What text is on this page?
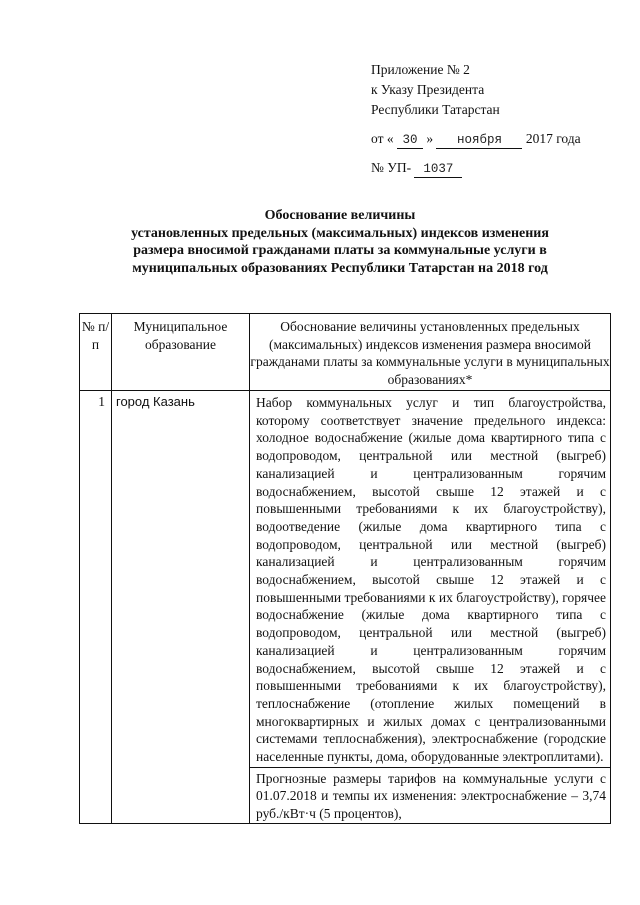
Приложение № 2
к Указу Президента
Республики Татарстан
от « 30 » ноября 2017 года
№ УП- 1037
Обоснование величины
установленных предельных (максимальных) индексов изменения
размера вносимой гражданами платы за коммунальные услуги в
муниципальных образованиях Республики Татарстан на 2018 год
№ п/п	Муниципальное образование	Обоснование величины установленных предельных (максимальных) индексов изменения размера вносимой гражданами платы за коммунальные услуги в муниципальных образованиях*
1	город Казань	Набор коммунальных услуг и тип благоустройства, которому соответствует значение предельного индекса: холодное водоснабжение (жилые дома квартирного типа с водопроводом, центральной или местной (выгреб) канализацией и централизованным горячим водоснабжением, высотой свыше 12 этажей и с повышенными требованиями к их благоустройству), водоотведение (жилые дома квартирного типа с водопроводом, центральной или местной (выгреб) канализацией и централизованным горячим водоснабжением, высотой свыше 12 этажей и с повышенными требованиями к их благоустройству), горячее водоснабжение (жилые дома квартирного типа с водопроводом, центральной или местной (выгреб) канализацией и централизованным горячим водоснабжением, высотой свыше 12 этажей и с повышенными требованиями к их благоустройству), теплоснабжение (отопление жилых помещений в многоквартирных и жилых домах с централизованными системами теплоснабжения), электроснабжение (городские населенные пункты, дома, оборудованные электроплитами).
Прогнозные размеры тарифов на коммунальные услуги с 01.07.2018 и темпы их изменения: электроснабжение – 3,74 руб./кВт·ч (5 процентов),
